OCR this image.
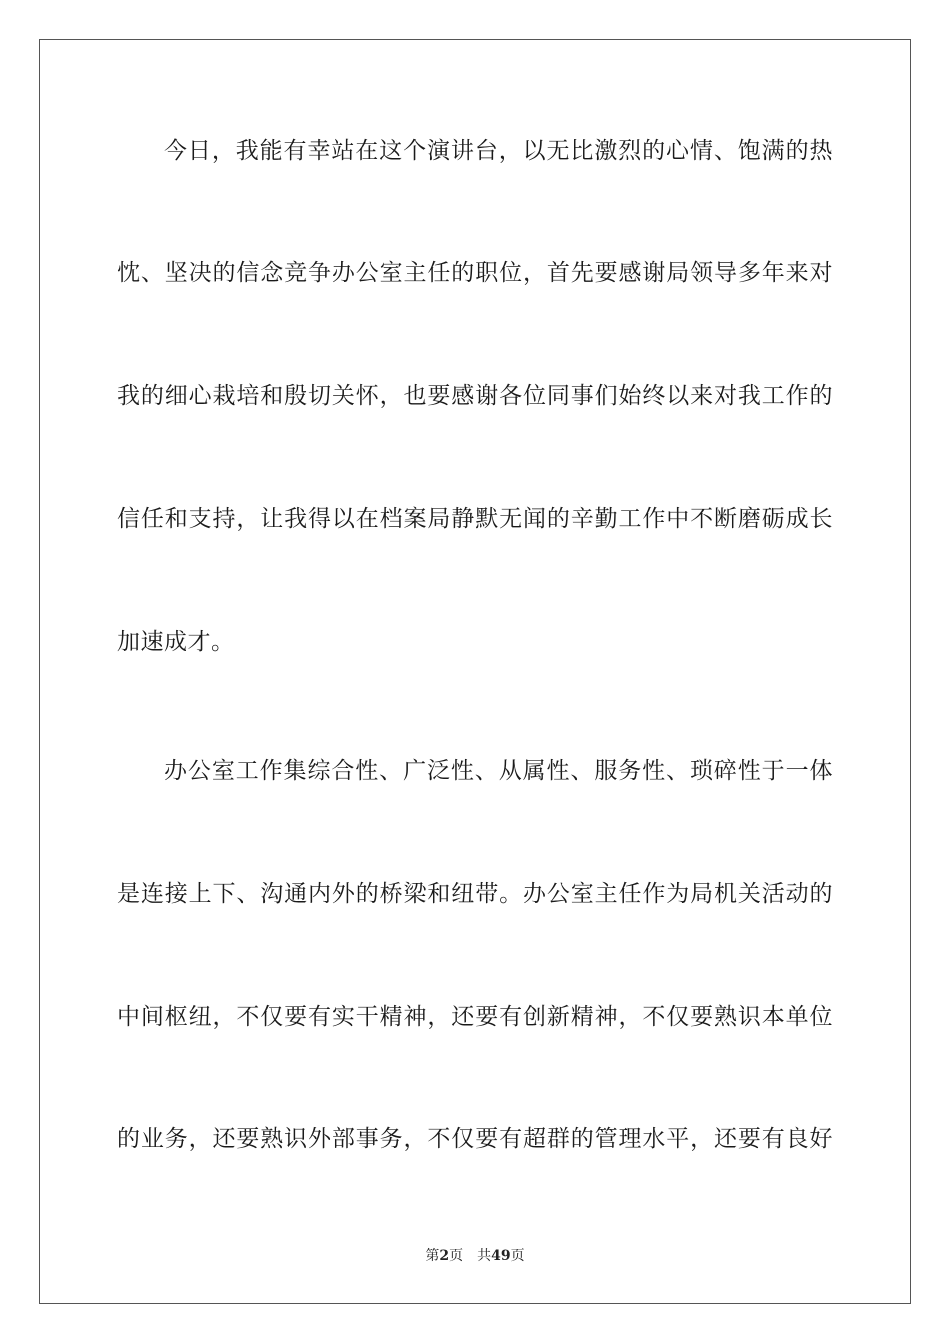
今日，我能有幸站在这个演讲台，以无比激烈的心情、饱满的热
忱、坚决的信念竞争办公室主任的职位，首先要感谢局领导多年来对
我的细心栽培和殷切关怀，也要感谢各位同事们始终以来对我工作的
信任和支持，让我得以在档案局静默无闻的辛勤工作中不断磨砺成长
加速成才。
办公室工作集综合性、广泛性、从属性、服务性、琐碎性于一体
是连接上下、沟通内外的桥梁和纽带。办公室主任作为局机关活动的
中间枢纽，不仅要有实干精神，还要有创新精神，不仅要熟识本单位
的业务，还要熟识外部事务，不仅要有超群的管理水平，还要有良好
第2页 共49页
